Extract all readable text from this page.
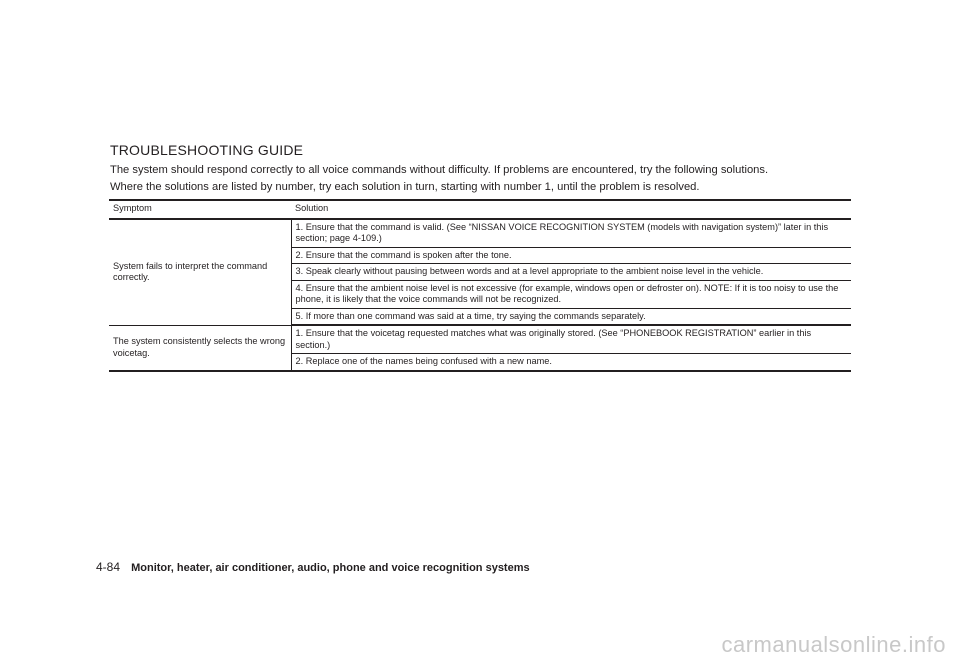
TROUBLESHOOTING GUIDE
The system should respond correctly to all voice commands without difficulty. If problems are encountered, try the following solutions.
Where the solutions are listed by number, try each solution in turn, starting with number 1, until the problem is resolved.
Symptom	Solution
System fails to interpret the command correctly.	1. Ensure that the command is valid. (See “NISSAN VOICE RECOGNITION SYSTEM (models with navigation system)” later in this section; page 4-109.)
	2. Ensure that the command is spoken after the tone.
	3. Speak clearly without pausing between words and at a level appropriate to the ambient noise level in the vehicle.
	4. Ensure that the ambient noise level is not excessive (for example, windows open or defroster on). NOTE: If it is too noisy to use the phone, it is likely that the voice commands will not be recognized.
	5. If more than one command was said at a time, try saying the commands separately.
The system consistently selects the wrong voicetag.	1. Ensure that the voicetag requested matches what was originally stored. (See “PHONEBOOK REGISTRATION” earlier in this section.)
	2. Replace one of the names being confused with a new name.
4-84 Monitor, heater, air conditioner, audio, phone and voice recognition systems
carmanualsonline.info
